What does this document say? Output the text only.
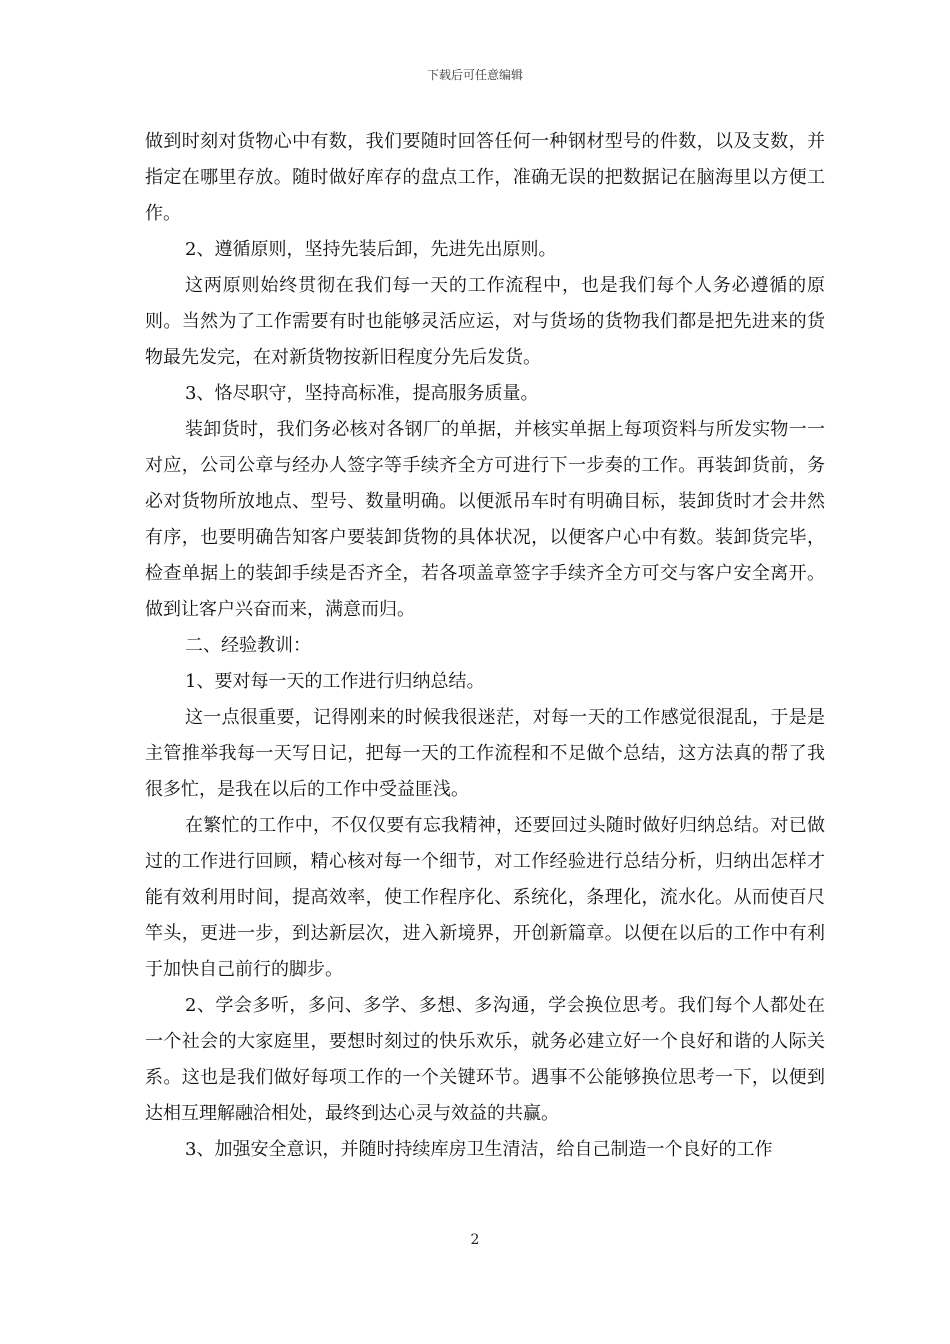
下载后可任意编辑

做到时刻对货物心中有数，我们要随时回答任何一种钢材型号的件数，以及支数，并指定在哪里存放。随时做好库存的盘点工作，准确无误的把数据记在脑海里以方便工作。

2、遵循原则，坚持先装后卸，先进先出原则。

这两原则始终贯彻在我们每一天的工作流程中，也是我们每个人务必遵循的原则。当然为了工作需要有时也能够灵活应运，对与货场的货物我们都是把先进来的货物最先发完，在对新货物按新旧程度分先后发货。

3、恪尽职守，坚持高标准，提高服务质量。

装卸货时，我们务必核对各钢厂的单据，并核实单据上每项资料与所发实物一一对应，公司公章与经办人签字等手续齐全方可进行下一步奏的工作。再装卸货前，务必对货物所放地点、型号、数量明确。以便派吊车时有明确目标，装卸货时才会井然有序，也要明确告知客户要装卸货物的具体状况，以便客户心中有数。装卸货完毕，检查单据上的装卸手续是否齐全，若各项盖章签字手续齐全方可交与客户安全离开。做到让客户兴奋而来，满意而归。

二、经验教训：

1、要对每一天的工作进行归纳总结。

这一点很重要，记得刚来的时候我很迷茫，对每一天的工作感觉很混乱，于是是主管推举我每一天写日记，把每一天的工作流程和不足做个总结，这方法真的帮了我很多忙，是我在以后的工作中受益匪浅。

在繁忙的工作中，不仅仅要有忘我精神，还要回过头随时做好归纳总结。对已做过的工作进行回顾，精心核对每一个细节，对工作经验进行总结分析，归纳出怎样才能有效利用时间，提高效率，使工作程序化、系统化，条理化，流水化。从而使百尺竿头，更进一步，到达新层次，进入新境界，开创新篇章。以便在以后的工作中有利于加快自己前行的脚步。

2、学会多听，多问、多学、多想、多沟通，学会换位思考。我们每个人都处在一个社会的大家庭里，要想时刻过的快乐欢乐，就务必建立好一个良好和谐的人际关系。这也是我们做好每项工作的一个关键环节。遇事不公能够换位思考一下，以便到达相互理解融洽相处，最终到达心灵与效益的共赢。

3、加强安全意识，并随时持续库房卫生清洁，给自己制造一个良好的工作

2
